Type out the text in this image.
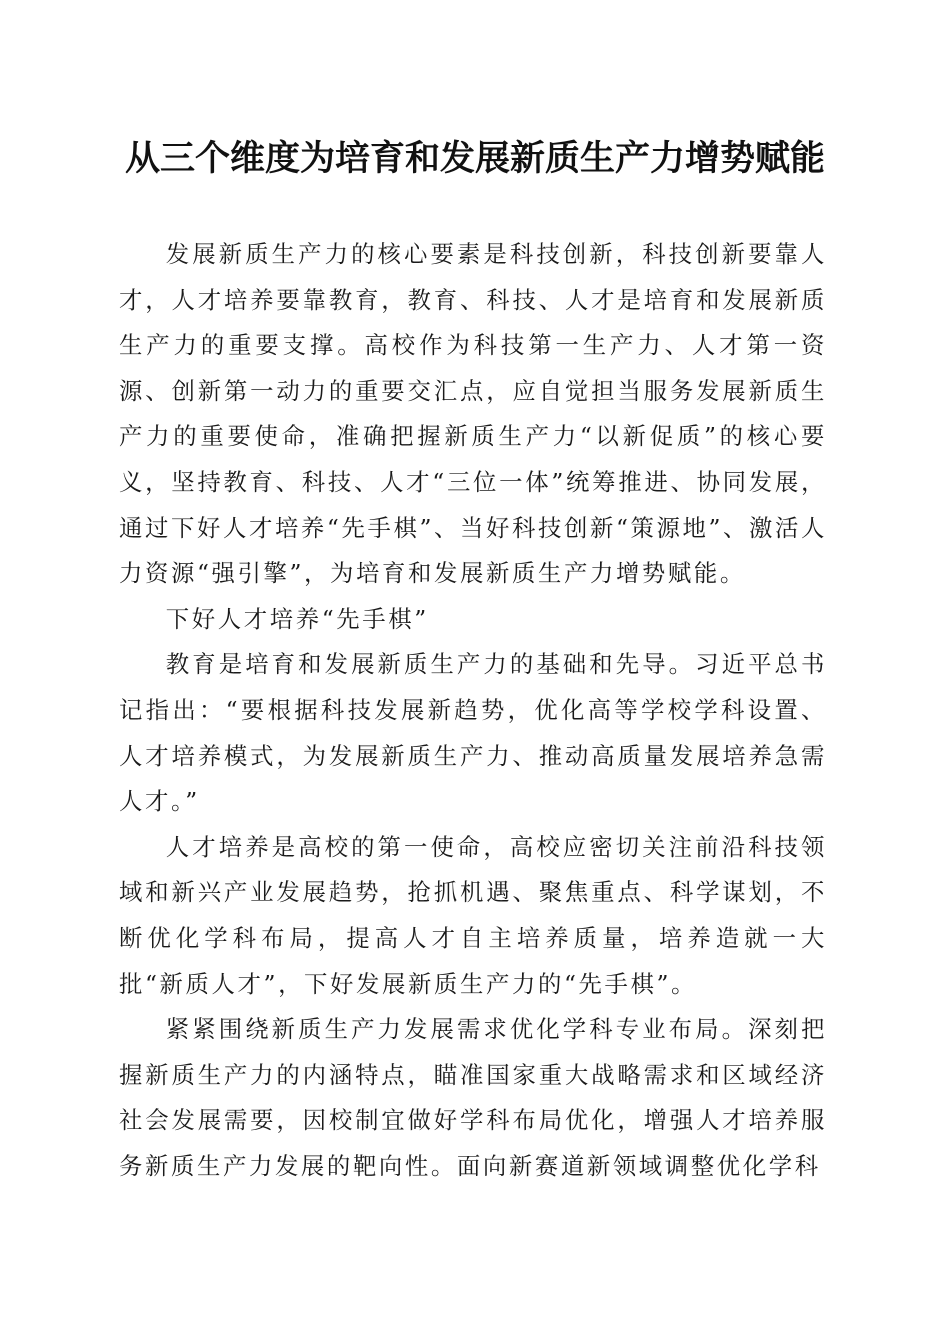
从三个维度为培育和发展新质生产力增势赋能

发展新质生产力的核心要素是科技创新，科技创新要靠人才，人才培养要靠教育，教育、科技、人才是培育和发展新质生产力的重要支撑。高校作为科技第一生产力、人才第一资源、创新第一动力的重要交汇点，应自觉担当服务发展新质生产力的重要使命，准确把握新质生产力“以新促质”的核心要义，坚持教育、科技、人才“三位一体”统筹推进、协同发展，通过下好人才培养“先手棋”、当好科技创新“策源地”、激活人力资源“强引擎”，为培育和发展新质生产力增势赋能。

下好人才培养“先手棋”

教育是培育和发展新质生产力的基础和先导。习近平总书记指出：“要根据科技发展新趋势，优化高等学校学科设置、人才培养模式，为发展新质生产力、推动高质量发展培养急需人才。”

人才培养是高校的第一使命，高校应密切关注前沿科技领域和新兴产业发展趋势，抢抓机遇、聚焦重点、科学谋划，不断优化学科布局，提高人才自主培养质量，培养造就一大批“新质人才”，下好发展新质生产力的“先手棋”。

紧紧围绕新质生产力发展需求优化学科专业布局。深刻把握新质生产力的内涵特点，瞄准国家重大战略需求和区域经济社会发展需要，因校制宜做好学科布局优化，增强人才培养服务新质生产力发展的靶向性。面向新赛道新领域调整优化学科
